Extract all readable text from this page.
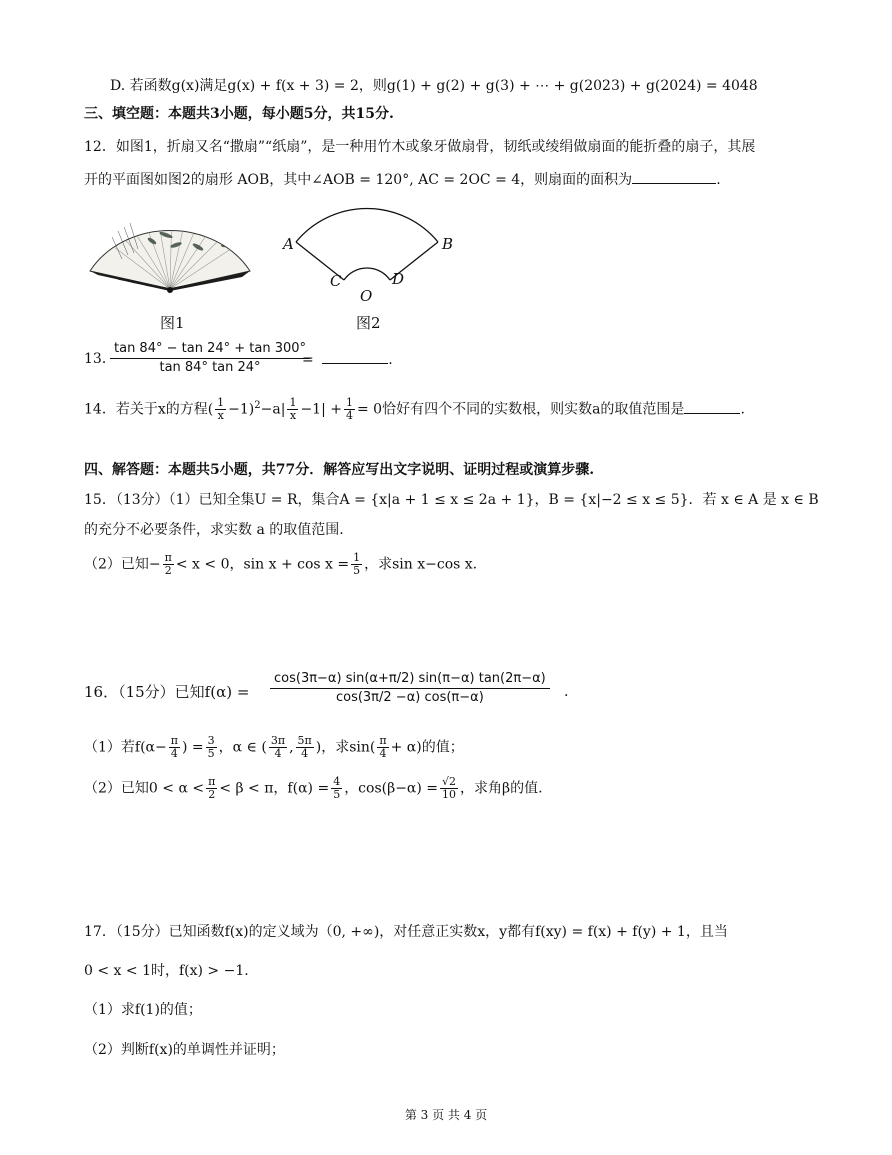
D. 若函数g(x)满足g(x) + f(x + 3) = 2，则g(1) + g(2) + g(3) + ⋯ + g(2023) + g(2024) = 4048
三、填空题：本题共3小题，每小题5分，共15分.
12．如图1，折扇又名“撒扇”“纸扇”，是一种用竹木或象牙做扇骨，韧纸或绫绢做扇面的能折叠的扇子，其展
开的平面图如图2的扇形 AOB，其中∠AOB = 120°, AC = 2OC = 4，则扇面的面积为	.
A	B
C	D
O
图1	图2
13．
$\frac{\tan 84^\circ - \tan 24^\circ + \tan 300^\circ}{\tan 84^\circ \tan 24^\circ}$
=	.
14．若关于x的方程( $\frac{1}{x} -1)^2-a| \frac{1}{x} -1| + \frac{1}{4} = 0$恰好有四个不同的实数根，则实数a的取值范围是	.
四、解答题：本题共5小题，共77分．解答应写出文字说明、证明过程或演算步骤.
15．（13分）（1）已知全集U = R，集合A = {x|a + 1 ≤ x ≤ 2a + 1}，B = {x|−2 ≤ x ≤ 5}．若 x ∈ A 是 x ∈ B
的充分不必要条件，求实数 a 的取值范围.
（2）已知− $\frac{\pi}{2} < x < 0$，$\sin x + \cos x = \frac{1}{5}$ ，求sin x−cos x.
16．（15分）已知$f(\alpha) = \frac{\cos(3\pi-\alpha) \sin(\alpha+\pi/2) \sin(\pi-\alpha) \tan(2\pi-\alpha)}{\cos(3\pi/2 -\alpha) \cos(\pi-\alpha)}$ .
（1）若$f(\alpha- \frac{\pi}{4}$ ) = $\frac{3}{5}$ ，α ∈ ( $\frac{3\pi}{4}$ , $\frac{5\pi}{4}$ )，求$\sin( \frac{\pi}{4} + \alpha)$的值；
（2）已知$0 < \alpha < \frac{\pi}{2} < \beta < \pi$，$f(\alpha) = \frac{4}{5}$ ，$\cos(\beta-\alpha) = \frac{√2}{10}$ ，求角β的值.
17．（15分）已知函数f(x)的定义域为（0, +∞)，对任意正实数x，y都有f(xy) = f(x) + f(y) + 1，且当
0 < x < 1时，f(x) > −1.
（1）求f(1)的值；
（2）判断f(x)的单调性并证明；
第 3 页 共 4 页
